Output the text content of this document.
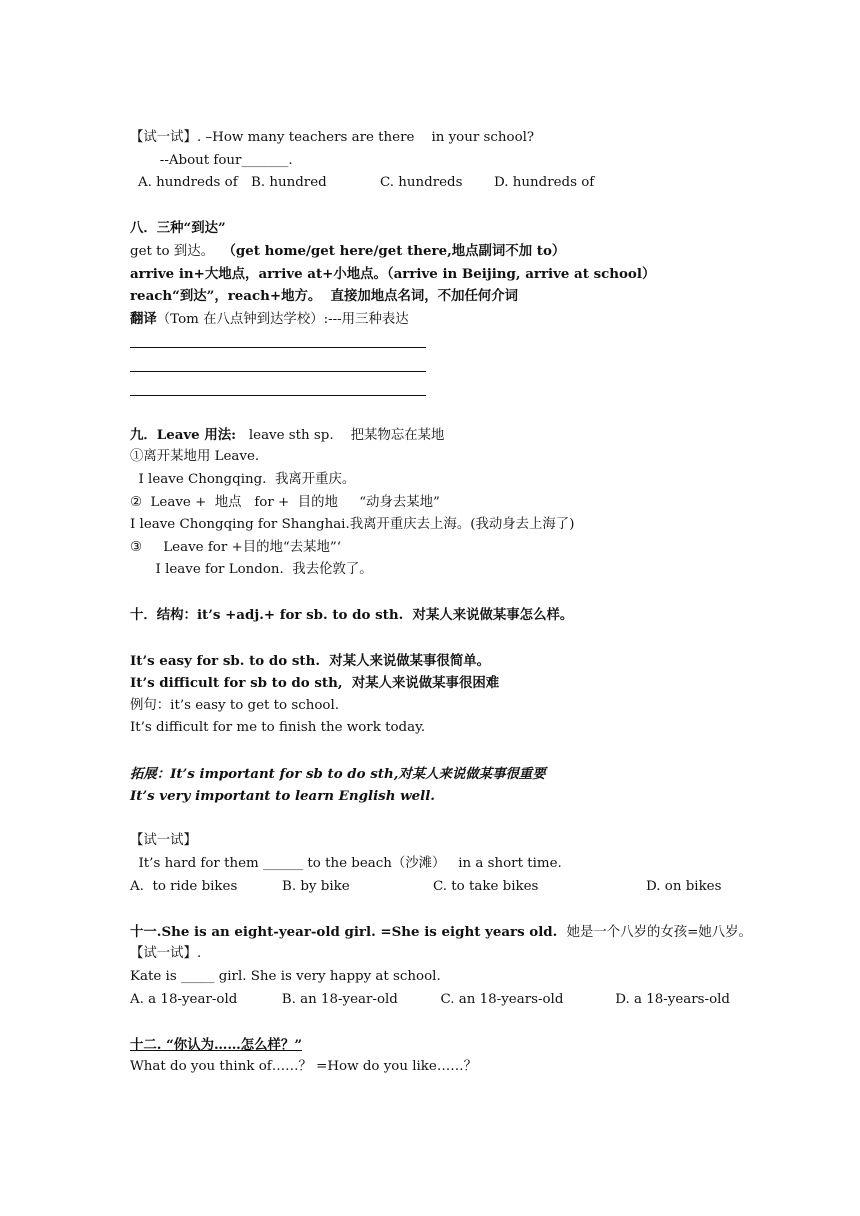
【试一试】. –How many teachers are there    in your school?
--About four_______.
A. hundreds of B. hundred	C. hundreds	D. hundreds of
八．三种“到达”
get to 到达。  （get home/get here/get there,地点副词不加 to）
arrive in+大地点，arrive at+小地点。（arrive in Beijing, arrive at school）
reach“到达”，reach+地方。  直接加地点名词，不加任何介词
翻译（Tom 在八点钟到达学校）:---用三种表达
九．Leave 用法:   leave sth sp.    把某物忘在某地
①离开某地用 Leave.
I leave Chongqing.  我离开重庆。
②  Leave +  地点   for +  目的地     “动身去某地”
I leave Chongqing for Shanghai.我离开重庆去上海。(我动身去上海了)
③     Leave for +目的地“去某地”‘
I leave for London.  我去伦敦了。
十．结构：it’s +adj.+ for sb. to do sth.  对某人来说做某事怎么样。
It’s easy for sb. to do sth.  对某人来说做某事很简单。
It’s difficult for sb to do sth,  对某人来说做某事很困难
例句：it’s easy to get to school.
It’s difficult for me to finish the work today.
拓展：It’s important for sb to do sth,对某人来说做某事很重要
It’s very important to learn English well.
【试一试】
It’s hard for them ______ to the beach（沙滩）   in a short time.
A.  to ride bikes	B. by bike	C. to take bikes	D. on bikes
十一.She is an eight-year-old girl. =She is eight years old.  她是一个八岁的女孩=她八岁。
【试一试】.
Kate is _____ girl. She is very happy at school.
A. a 18-year-old	B. an 18-year-old	C. an 18-years-old	D. a 18-years-old
十二. “你认为……怎么样？”
What do you think of……？ =How do you like……？
